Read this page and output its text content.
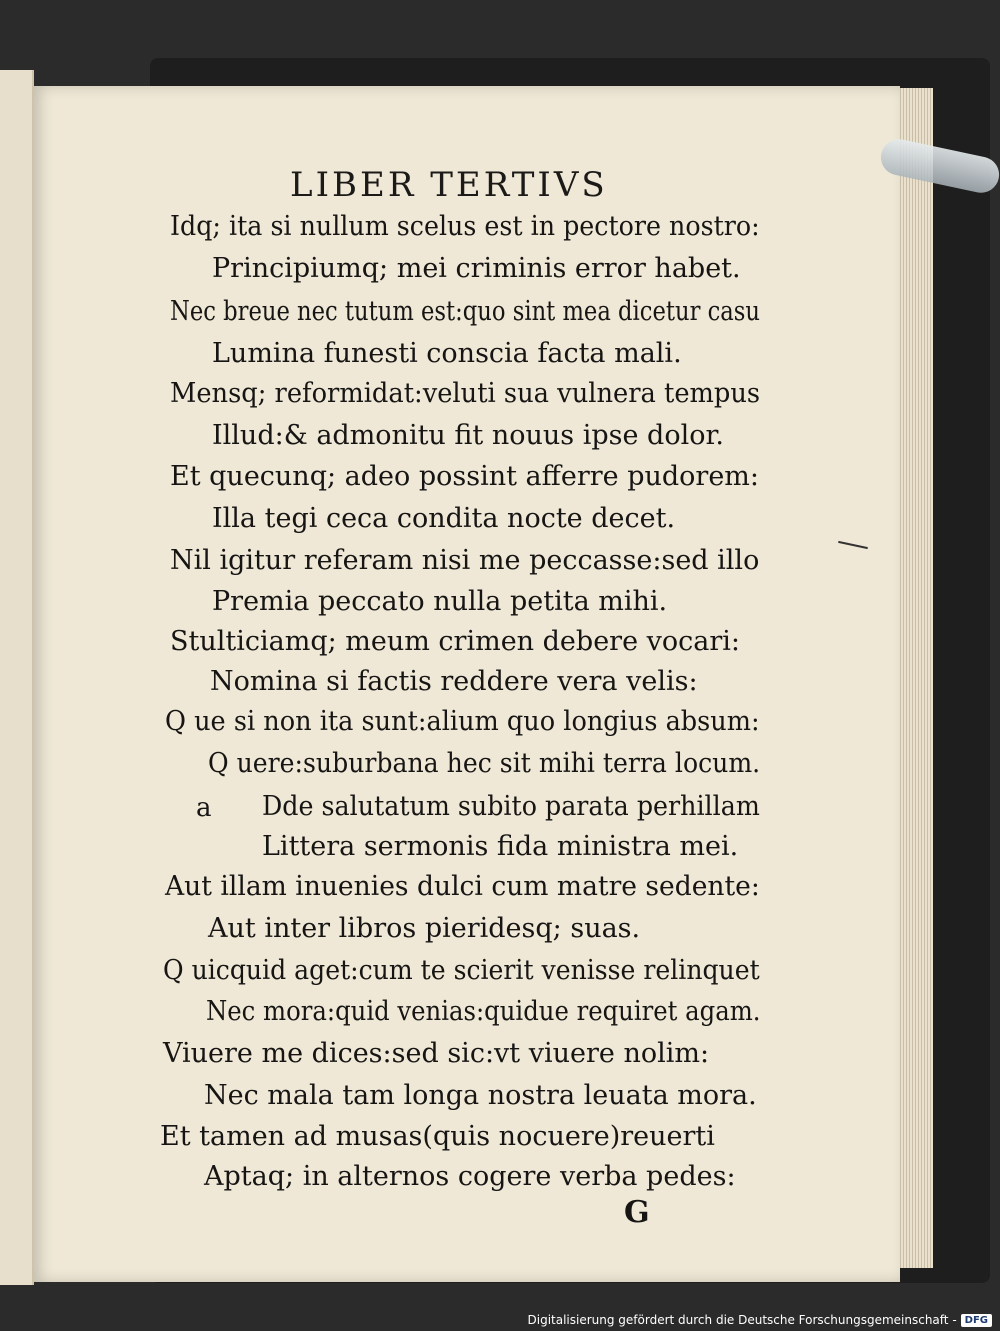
LIBER TERTIVS
Idq; ita si nullum scelus est in pectore nostro:
Principiumq; mei criminis error habet.
Nec breue nec tutum est:quo sint mea dicetur casu
Lumina funesti conscia facta mali.
Mensq; reformidat:veluti sua vulnera tempus
Illud:& admonitu fit nouus ipse dolor.
Et quecunq; adeo possint afferre pudorem:
Illa tegi ceca condita nocte decet.
Nil igitur referam nisi me peccasse:sed illo
Premia peccato nulla petita mihi.
Stulticiamq; meum crimen debere vocari:
Nomina si factis reddere vera velis:
Q ue si non ita sunt:alium quo longius absum:
Q uere:suburbana hec sit mihi terra locum.
Dde salutatum subito parata perhillam
Littera sermonis fida ministra mei.
Aut illam inuenies dulci cum matre sedente:
Aut inter libros pieridesq; suas.
Q uicquid aget:cum te scierit venisse relinquet
Nec mora:quid venias:quidue requiret agam.
Viuere me dices:sed sic:vt viuere nolim:
Nec mala tam longa nostra leuata mora.
Et tamen ad musas(quis nocuere)reuerti
Aptaq; in alternos cogere verba pedes:
a
G
Digitalisierung gefördert durch die Deutsche Forschungsgemeinschaft - DFG
